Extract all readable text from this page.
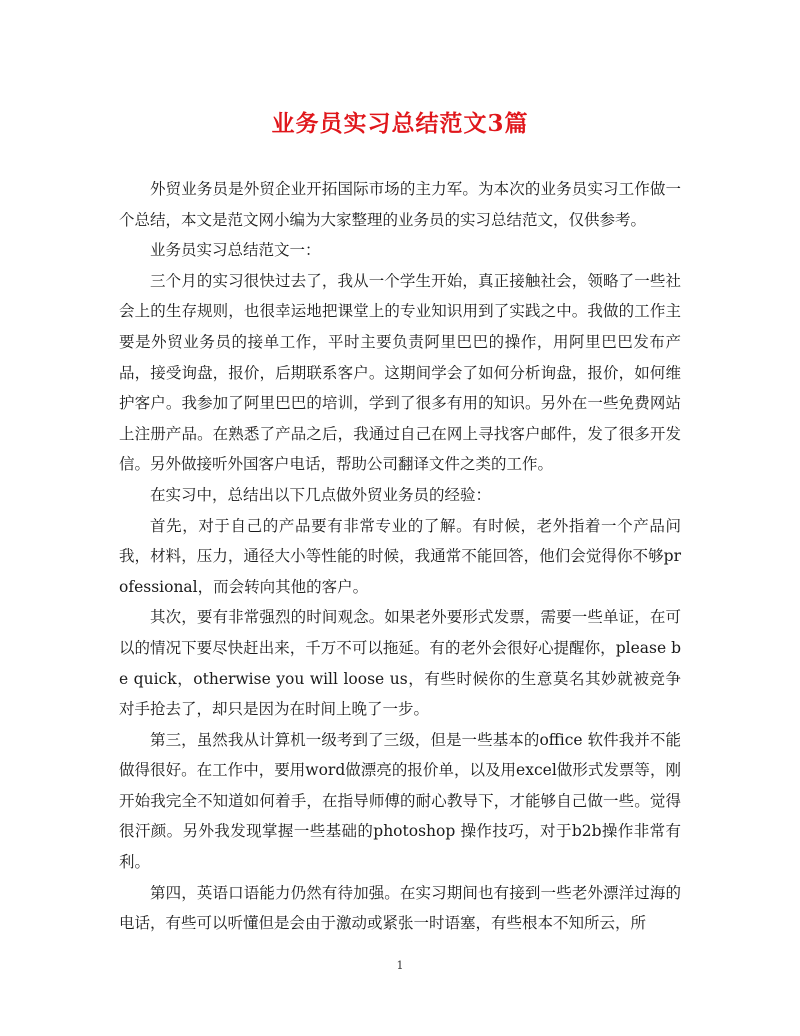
业务员实习总结范文3篇

外贸业务员是外贸企业开拓国际市场的主力军。为本次的业务员实习工作做一个总结，本文是范文网小编为大家整理的业务员的实习总结范文，仅供参考。

业务员实习总结范文一：

三个月的实习很快过去了，我从一个学生开始，真正接触社会，领略了一些社会上的生存规则，也很幸运地把课堂上的专业知识用到了实践之中。我做的工作主要是外贸业务员的接单工作，平时主要负责阿里巴巴的操作，用阿里巴巴发布产品，接受询盘，报价，后期联系客户。这期间学会了如何分析询盘，报价，如何维护客户。我参加了阿里巴巴的培训，学到了很多有用的知识。另外在一些免费网站上注册产品。在熟悉了产品之后，我通过自己在网上寻找客户邮件，发了很多开发信。另外做接听外国客户电话，帮助公司翻译文件之类的工作。

在实习中，总结出以下几点做外贸业务员的经验：

首先，对于自己的产品要有非常专业的了解。有时候，老外指着一个产品问我，材料，压力，通径大小等性能的时候，我通常不能回答，他们会觉得你不够professional，而会转向其他的客户。

其次，要有非常强烈的时间观念。如果老外要形式发票，需要一些单证，在可以的情况下要尽快赶出来，千万不可以拖延。有的老外会很好心提醒你，please be quick，otherwise you will loose us，有些时候你的生意莫名其妙就被竞争对手抢去了，却只是因为在时间上晚了一步。

第三，虽然我从计算机一级考到了三级，但是一些基本的office 软件我并不能做得很好。在工作中，要用word做漂亮的报价单，以及用excel做形式发票等，刚开始我完全不知道如何着手，在指导师傅的耐心教导下，才能够自己做一些。觉得很汗颜。另外我发现掌握一些基础的photoshop 操作技巧，对于b2b操作非常有利。

第四，英语口语能力仍然有待加强。在实习期间也有接到一些老外漂洋过海的电话，有些可以听懂但是会由于激动或紧张一时语塞，有些根本不知所云，所

1
